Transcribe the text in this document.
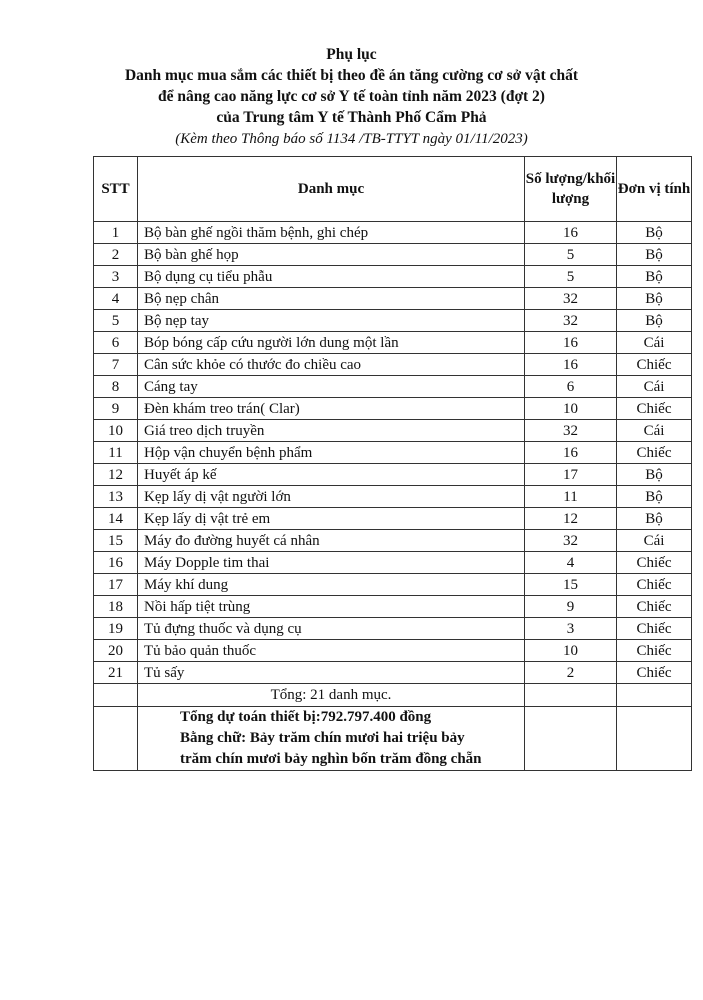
Phụ lục
Danh mục mua sắm các thiết bị theo đề án tăng cường cơ sở vật chất
để nâng cao năng lực cơ sở Y tế toàn tỉnh năm 2023 (đợt 2)
của Trung tâm Y tế Thành Phố Cẩm Phả
(Kèm theo Thông báo số 1134 /TB-TTYT ngày 01/11/2023)
STT	Danh mục	Số lượng/khối lượng	Đơn vị tính
1	Bộ bàn ghế ngồi thăm bệnh, ghi chép	16	Bộ
2	Bộ bàn ghế họp	5	Bộ
3	Bộ dụng cụ tiểu phẫu	5	Bộ
4	Bộ nẹp chân	32	Bộ
5	Bộ nẹp tay	32	Bộ
6	Bóp bóng cấp cứu người lớn dung một lần	16	Cái
7	Cân sức khỏe có thước đo chiều cao	16	Chiếc
8	Cáng tay	6	Cái
9	Đèn khám treo trán( Clar)	10	Chiếc
10	Giá treo dịch truyền	32	Cái
11	Hộp vận chuyển bệnh phẩm	16	Chiếc
12	Huyết áp kế	17	Bộ
13	Kẹp lấy dị vật người lớn	11	Bộ
14	Kẹp lấy dị vật trẻ em	12	Bộ
15	Máy đo đường huyết cá nhân	32	Cái
16	Máy Dopple tim thai	4	Chiếc
17	Máy khí dung	15	Chiếc
18	Nồi hấp tiệt trùng	9	Chiếc
19	Tủ đựng thuốc và dụng cụ	3	Chiếc
20	Tủ bảo quản thuốc	10	Chiếc
21	Tủ sấy	2	Chiếc
	Tổng: 21 danh mục.		

	Tổng dự toán thiết bị:792.797.400 đồng
Bằng chữ: Bảy trăm chín mươi hai triệu bảy
trăm chín mươi bảy nghìn bốn trăm đồng chẵn		
